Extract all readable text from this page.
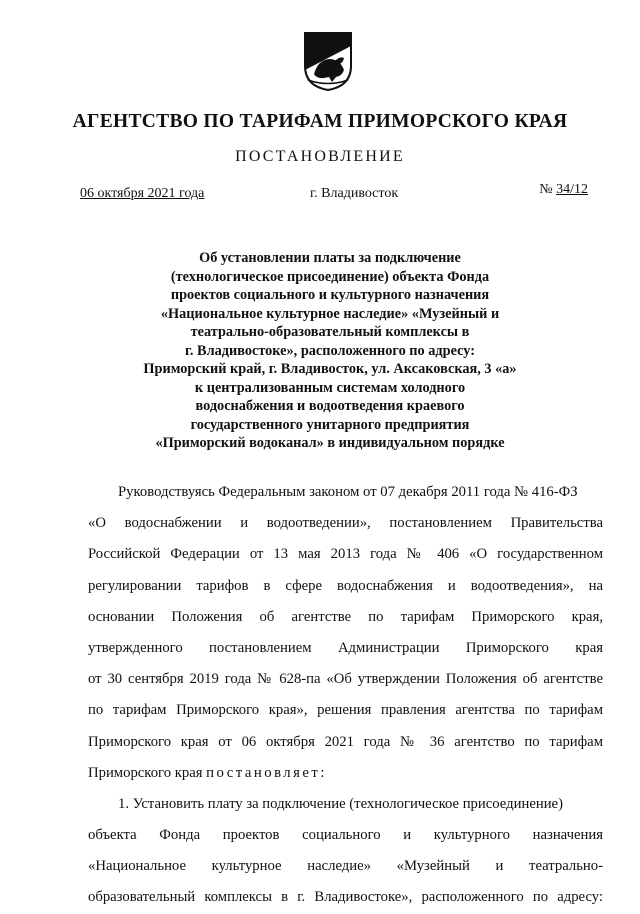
АГЕНТСТВО ПО ТАРИФАМ ПРИМОРСКОГО КРАЯ
ПОСТАНОВЛЕНИЕ
06 октября 2021 года	г. Владивосток	№ 34/12
Об установлении платы за подключение
(технологическое присоединение) объекта Фонда
проектов социального и культурного назначения
«Национальное культурное наследие» «Музейный и
театрально-образовательный комплексы в
г. Владивостоке», расположенного по адресу:
Приморский край, г. Владивосток, ул. Аксаковская, 3 «а»
к централизованным системам холодного
водоснабжения и водоотведения краевого
государственного унитарного предприятия
«Приморский водоканал» в индивидуальном порядке
Руководствуясь Федеральным законом от 07 декабря 2011 года № 416-ФЗ
«О водоснабжении и водоотведении», постановлением Правительства
Российской Федерации от 13 мая 2013 года № 406 «О государственном
регулировании тарифов в сфере водоснабжения и водоотведения», на
основании Положения об агентстве по тарифам Приморского края,
утвержденного постановлением Администрации Приморского края
от 30 сентября 2019 года № 628-па «Об утверждении Положения об агентстве
по тарифам Приморского края», решения правления агентства по тарифам
Приморского края от 06 октября 2021 года № 36 агентство по тарифам
Приморского края постановляет:
1. Установить плату за подключение (технологическое присоединение)
объекта Фонда проектов социального и культурного назначения
«Национальное культурное наследие» «Музейный и театрально-
образовательный комплексы в г. Владивостоке», расположенного по адресу:
